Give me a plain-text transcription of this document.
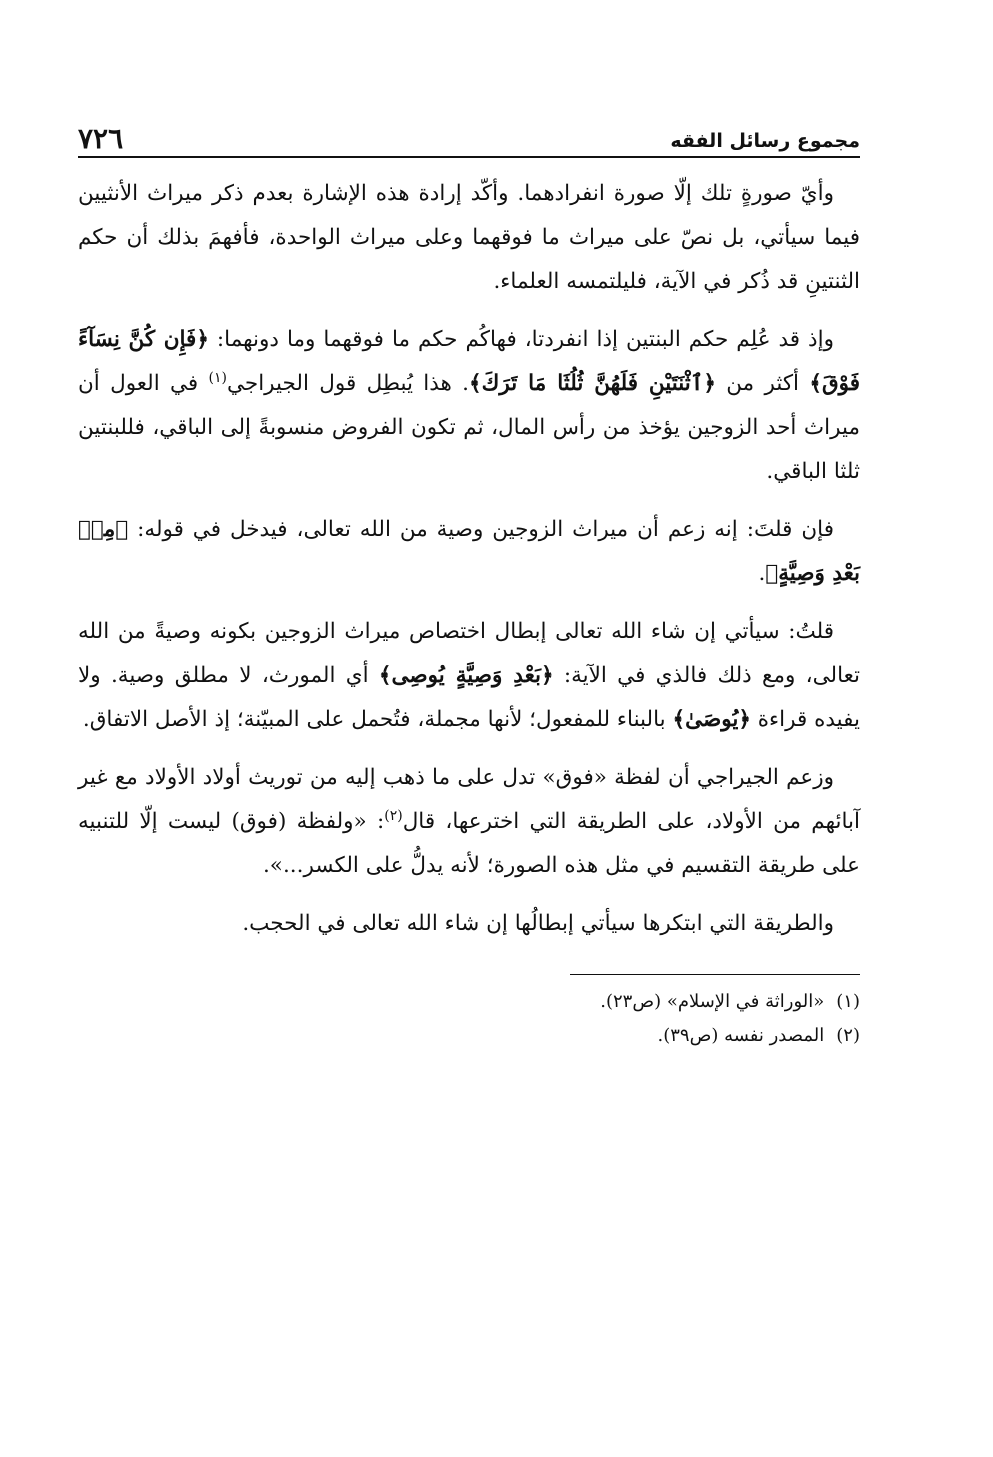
مجموع رسائل الفقه
٧٢٦

وأيّ صورةٍ تلك إلّا صورة انفرادهما. وأكّد إرادة هذه الإشارة بعدم ذكر ميراث الأنثيين فيما سيأتي، بل نصّ على ميراث ما فوقهما وعلى ميراث الواحدة، فأفهمَ بذلك أن حكم الثنتينِ قد ذُكر في الآية، فليلتمسه العلماء.

وإذ قد عُلِم حكم البنتين إذا انفردتا، فهاكُم حكم ما فوقهما وما دونهما: ﴿فَإِن كُنَّ نِسَآءً فَوْقَ﴾ أكثر من ﴿ٱثْنَتَيْنِ فَلَهُنَّ ثُلُثَا مَا تَرَكَ﴾. هذا يُبطِل قول الجيراجي$^{(١)}$ في العول أن ميراث أحد الزوجين يؤخذ من رأس المال، ثم تكون الفروض منسوبةً إلى الباقي، فللبنتين ثلثا الباقي.

فإن قلتَ: إنه زعم أن ميراث الزوجين وصية من الله تعالى، فيدخل في قوله: ﴿مِنۢ بَعْدِ وَصِيَّةٍ﴾.

قلتُ: سيأتي إن شاء الله تعالى إبطال اختصاص ميراث الزوجين بكونه وصيةً من الله تعالى، ومع ذلك فالذي في الآية: ﴿بَعْدِ وَصِيَّةٍ يُوصِى﴾ أي المورث، لا مطلق وصية. ولا يفيده قراءة ﴿يُوصَىٰ﴾ بالبناء للمفعول؛ لأنها مجملة، فتُحمل على المبيّنة؛ إذ الأصل الاتفاق.

وزعم الجيراجي أن لفظة «فوق» تدل على ما ذهب إليه من توريث أولاد الأولاد مع غير آبائهم من الأولاد، على الطريقة التي اخترعها، قال$^{(٢)}$: «ولفظة (فوق) ليست إلّا للتنبيه على طريقة التقسيم في مثل هذه الصورة؛ لأنه يدلُّ على الكسر...».

والطريقة التي ابتكرها سيأتي إبطالُها إن شاء الله تعالى في الحجب.

(١)
«الوراثة في الإسلام» (ص٢٣).
(٢)
المصدر نفسه (ص٣٩).
